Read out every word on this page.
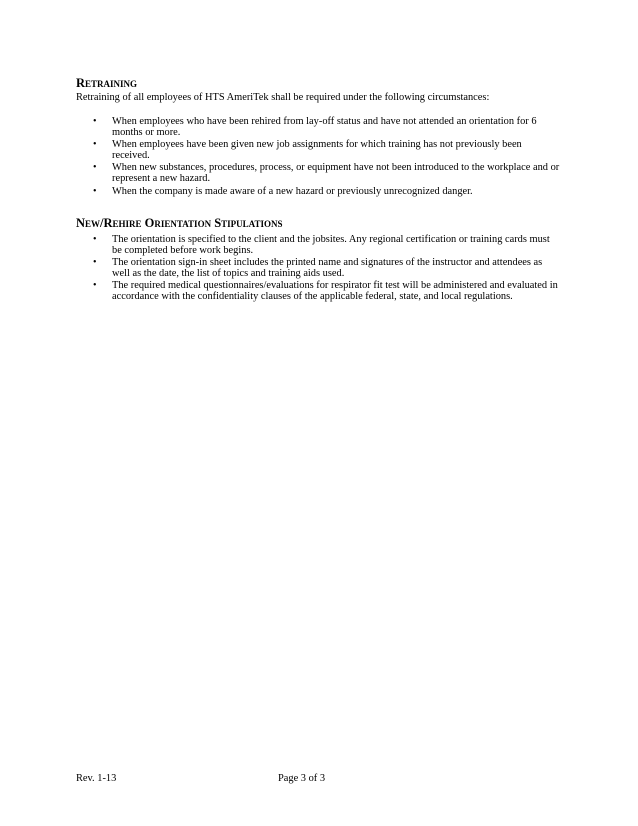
Retraining

Retraining of all employees of HTS AmeriTek shall be required under the following circumstances:

• When employees who have been rehired from lay-off status and have not attended an orientation for 6 months or more.
• When employees have been given new job assignments for which training has not previously been received.
• When new substances, procedures, process, or equipment have not been introduced to the workplace and or represent a new hazard.
• When the company is made aware of a new hazard or previously unrecognized danger.
New/Rehire Orientation Stipulations
• The orientation is specified to the client and the jobsites. Any regional certification or training cards must be completed before work begins.
• The orientation sign-in sheet includes the printed name and signatures of the instructor and attendees as well as the date, the list of topics and training aids used.
• The required medical questionnaires/evaluations for respirator fit test will be administered and evaluated in accordance with the confidentiality clauses of the applicable federal, state, and local regulations.

Rev. 1-13	Page 3 of 3
